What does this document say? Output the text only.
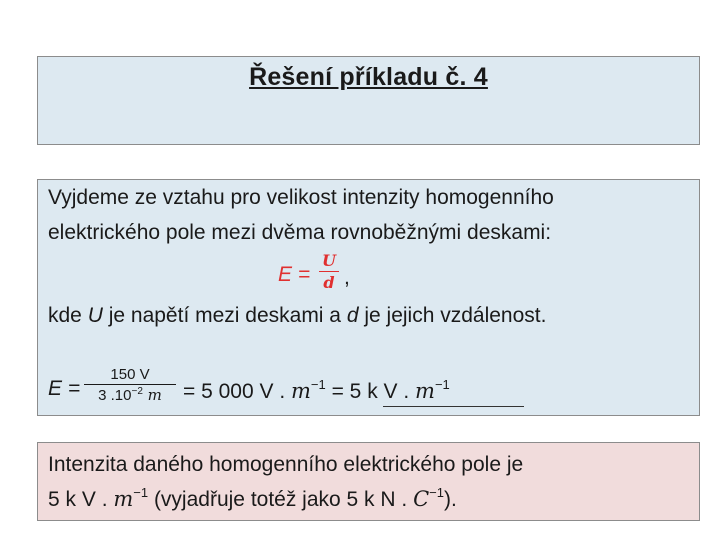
Řešení příkladu č. 4
Vyjdeme ze vztahu pro velikost intenzity homogenního
elektrického pole mezi dvěma rovnoběžnými deskami:
E =
U
d ,
kde U je napětí mezi deskami a d je jejich vzdálenost.
E =
150 V
3 $.10^{-2}$ m	= 5 000 V . $m^{-1} = 5$ k V . $m^{-1}$
Intenzita daného homogenního elektrického pole je
5 k V . $m^{-1}$ (vyjadřuje totéž jako 5 k N . $C^{-1}$).
